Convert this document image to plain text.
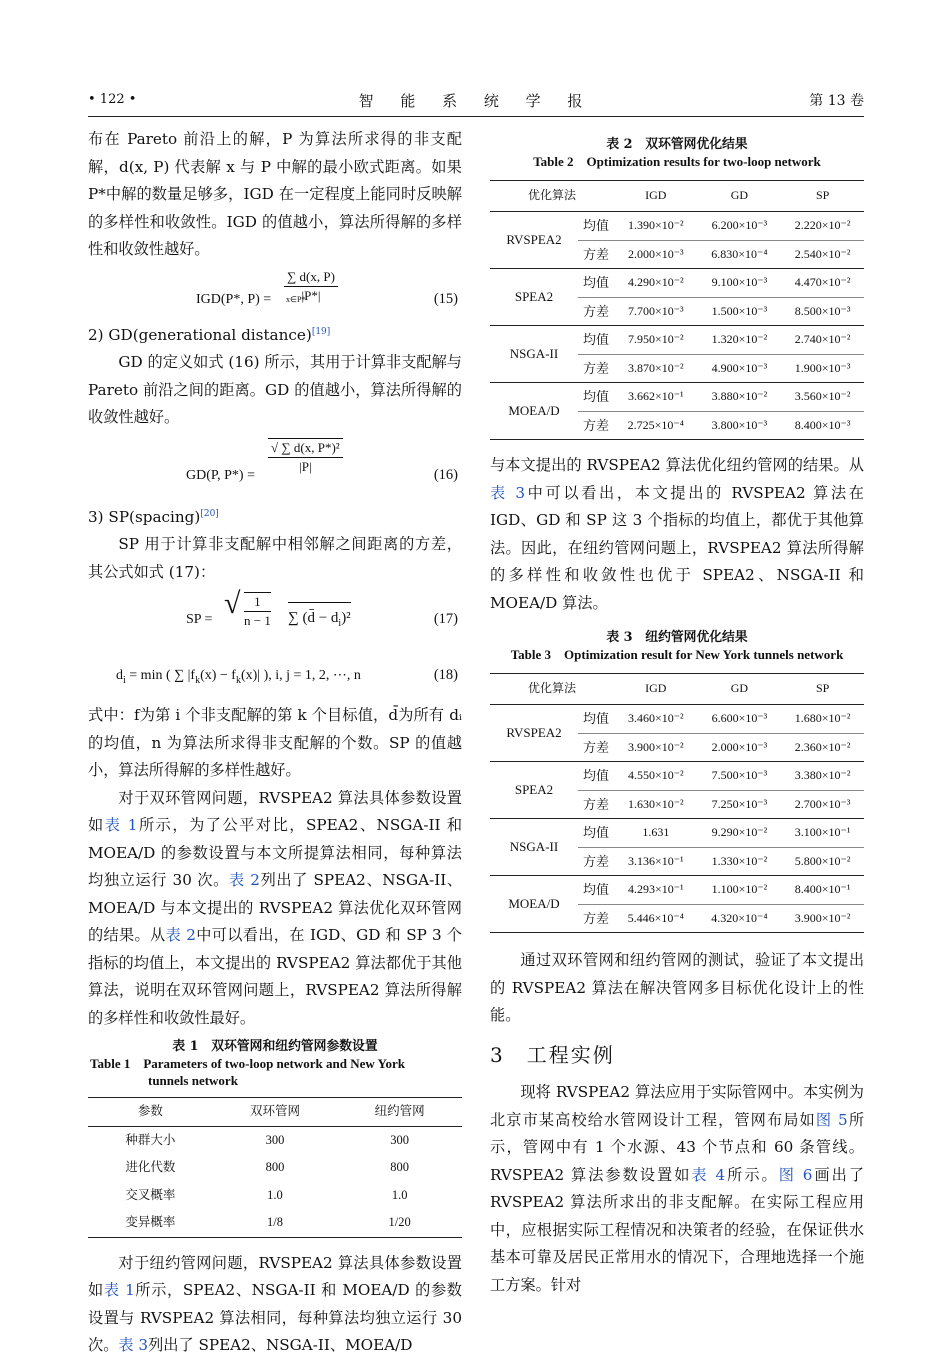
• 122 •	智 能 系 统 学 报	第 13 卷

布在 Pareto 前沿上的解，P 为算法所求得的非支配解，d(x, P) 代表解 x 与 P 中解的最小欧式距离。如果 P*中解的数量足够多，IGD 在一定程度上能同时反映解的多样性和收敛性。IGD 的值越小，算法所得解的多样性和收敛性越好。

IGD(P*, $P) = \frac{\sum d(x, P)}{|P*|}$
x∈P*	(15)

2) GD(generational distance)[19]

GD 的定义如式 (16) 所示，其用于计算非支配解与 Pareto 前沿之间的距离。GD 的值越小，算法所得解的收敛性越好。

GD(P, $P*) = \frac{\text{√ ∑ d(x, P*)²}}{|P|}$	(16)

3) SP(spacing)[20]

SP 用于计算非支配解中相邻解之间距离的方差，其公式如式 (17)：

SP = √ $\frac{1}{n - 1}$ ∑ (d̄ − $d_i)^2$	(17)
$d_i = \min$ ( ∑ $|f_k(x) - f_k(x)|$ ), i, j = 1, 2, ⋯, n	(18)

式中：f为第 i 个非支配解的第 k 个目标值，d̄为所有 dᵢ 的均值，n 为算法所求得非支配解的个数。SP 的值越小，算法所得解的多样性越好。

对于双环管网问题，RVSPEA2 算法具体参数设置如表 1所示，为了公平对比，SPEA2、NSGA-II 和 MOEA/D 的参数设置与本文所提算法相同，每种算法均独立运行 30 次。表 2列出了 SPEA2、NSGA-II、MOEA/D 与本文提出的 RVSPEA2 算法优化双环管网的结果。从表 2中可以看出，在 IGD、GD 和 SP 3 个指标的均值上，本文提出的 RVSPEA2 算法都优于其他算法，说明在双环管网问题上，RVSPEA2 算法所得解的多样性和收敛性最好。

表 1　双环管网和纽约管网参数设置
Table 1　Parameters of two-loop network and New York
tunnels network
参数	双环管网	纽约管网
种群大小	300	300
进化代数	800	800
交叉概率	1.0	1.0
变异概率	1/8	1/20

对于纽约管网问题，RVSPEA2 算法具体参数设置如表 1所示，SPEA2、NSGA-II 和 MOEA/D 的参数设置与 RVSPEA2 算法相同，每种算法均独立运行 30 次。表 3列出了 SPEA2、NSGA-II、MOEA/D

表 2　双环管网优化结果
Table 2　Optimization results for two-loop network
优化算法		IGD	GD	SP
RVSPEA2	均值	1.390×10⁻²	6.200×10⁻³	2.220×10⁻²
	方差	2.000×10⁻³	6.830×10⁻⁴	2.540×10⁻²
SPEA2	均值	4.290×10⁻²	9.100×10⁻³	4.470×10⁻²
	方差	7.700×10⁻³	1.500×10⁻³	8.500×10⁻³
NSGA-II	均值	7.950×10⁻²	1.320×10⁻²	2.740×10⁻²
	方差	3.870×10⁻²	4.900×10⁻³	1.900×10⁻³
MOEA/D	均值	3.662×10⁻¹	3.880×10⁻²	3.560×10⁻²
	方差	2.725×10⁻⁴	3.800×10⁻³	8.400×10⁻³

与本文提出的 RVSPEA2 算法优化纽约管网的结果。从表 3中可以看出，本文提出的 RVSPEA2 算法在 IGD、GD 和 SP 这 3 个指标的均值上，都优于其他算法。因此，在纽约管网问题上，RVSPEA2 算法所得解的多样性和收敛性也优于 SPEA2、NSGA-II 和 MOEA/D 算法。

表 3　纽约管网优化结果
Table 3　Optimization result for New York tunnels network
优化算法		IGD	GD	SP
RVSPEA2	均值	3.460×10⁻²	6.600×10⁻³	1.680×10⁻²
	方差	3.900×10⁻²	2.000×10⁻³	2.360×10⁻²
SPEA2	均值	4.550×10⁻²	7.500×10⁻³	3.380×10⁻²
	方差	1.630×10⁻²	7.250×10⁻³	2.700×10⁻³
NSGA-II	均值	1.631	9.290×10⁻²	3.100×10⁻¹
	方差	3.136×10⁻¹	1.330×10⁻²	5.800×10⁻²
MOEA/D	均值	4.293×10⁻¹	1.100×10⁻²	8.400×10⁻¹
	方差	5.446×10⁻⁴	4.320×10⁻⁴	3.900×10⁻²

通过双环管网和纽约管网的测试，验证了本文提出的 RVSPEA2 算法在解决管网多目标优化设计上的性能。

3　工程实例

现将 RVSPEA2 算法应用于实际管网中。本实例为北京市某高校给水管网设计工程，管网布局如图 5所示，管网中有 1 个水源、43 个节点和 60 条管线。RVSPEA2 算法参数设置如表 4所示。图 6画出了 RVSPEA2 算法所求出的非支配解。在实际工程应用中，应根据实际工程情况和决策者的经验，在保证供水基本可靠及居民正常用水的情况下，合理地选择一个施工方案。针对
